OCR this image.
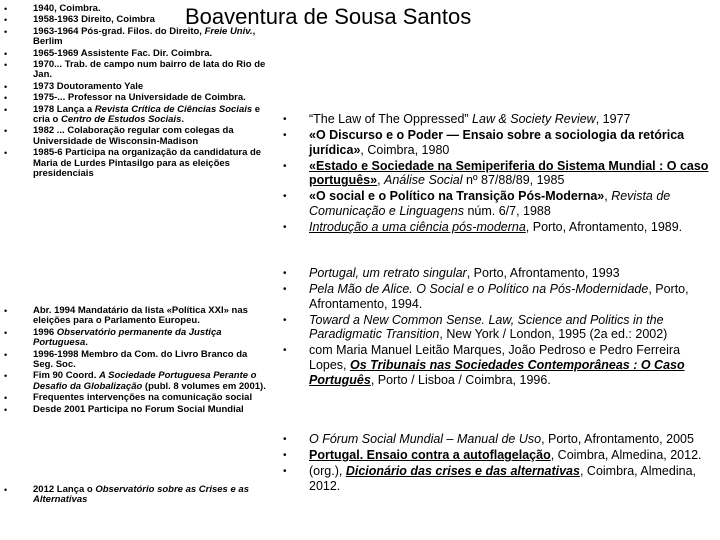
Boaventura de Sousa Santos
• 1940, Coimbra.
• 1958-1963 Direito, Coimbra
• 1963-1964 Pós-grad. Filos. do Direito, Freie Univ., Berlim
• 1965-1969 Assistente Fac. Dir. Coimbra.
• 1970... Trab. de campo num bairro de lata do Rio de Jan.
• 1973 Doutoramento Yale
• 1975-... Professor na Universidade de Coimbra.
• 1978 Lança a Revista Crítica de Ciências Sociais e cria o Centro de Estudos Sociais.
• 1982 ... Colaboração regular com colegas da Universidade de Wisconsin-Madison
• 1985-6 Participa na organização da candidatura de Maria de Lurdes Pintasilgo para as eleições presidenciais
• Abr. 1994 Mandatário da lista «Política XXI» nas eleições para o Parlamento Europeu.
• 1996 Observatório permanente da Justiça Portuguesa.
• 1996-1998 Membro da Com. do Livro Branco da Seg. Soc.
• Fim 90 Coord. A Sociedade Portuguesa Perante o Desafio da Globalização (publ. 8 volumes em 2001).
• Frequentes intervenções na comunicação social
• Desde 2001 Participa no Forum Social Mundial
• 2012 Lança o Observatório sobre as Crises e as Alternativas
• “The Law of The Oppressed” Law & Society Review, 1977
• «O Discurso e o Poder — Ensaio sobre a sociologia da retórica jurídica», Coimbra, 1980
• «Estado e Sociedade na Semiperiferia do Sistema Mundial : O caso português», Análise Social nº 87/88/89, 1985
• «O social e o Político na Transição Pós-Moderna», Revista de Comunicação e Linguagens núm. 6/7, 1988
• Introdução a uma ciência pós-moderna, Porto, Afrontamento, 1989.
• Portugal, um retrato singular, Porto, Afrontamento, 1993
• Pela Mão de Alice. O Social e o Político na Pós-Modernidade, Porto, Afrontamento, 1994.
• Toward a New Common Sense. Law, Science and Politics in the Paradigmatic Transition, New York / London, 1995 (2a ed.: 2002)
• com Maria Manuel Leitão Marques, João Pedroso e Pedro Ferreira Lopes, Os Tribunais nas Sociedades Contemporâneas : O Caso Português, Porto / Lisboa / Coimbra, 1996.
• O Fórum Social Mundial – Manual de Uso, Porto, Afrontamento, 2005
• Portugal. Ensaio contra a autoflagelação, Coimbra, Almedina, 2012.
• (org.), Dicionário das crises e das alternativas, Coimbra, Almedina, 2012.
